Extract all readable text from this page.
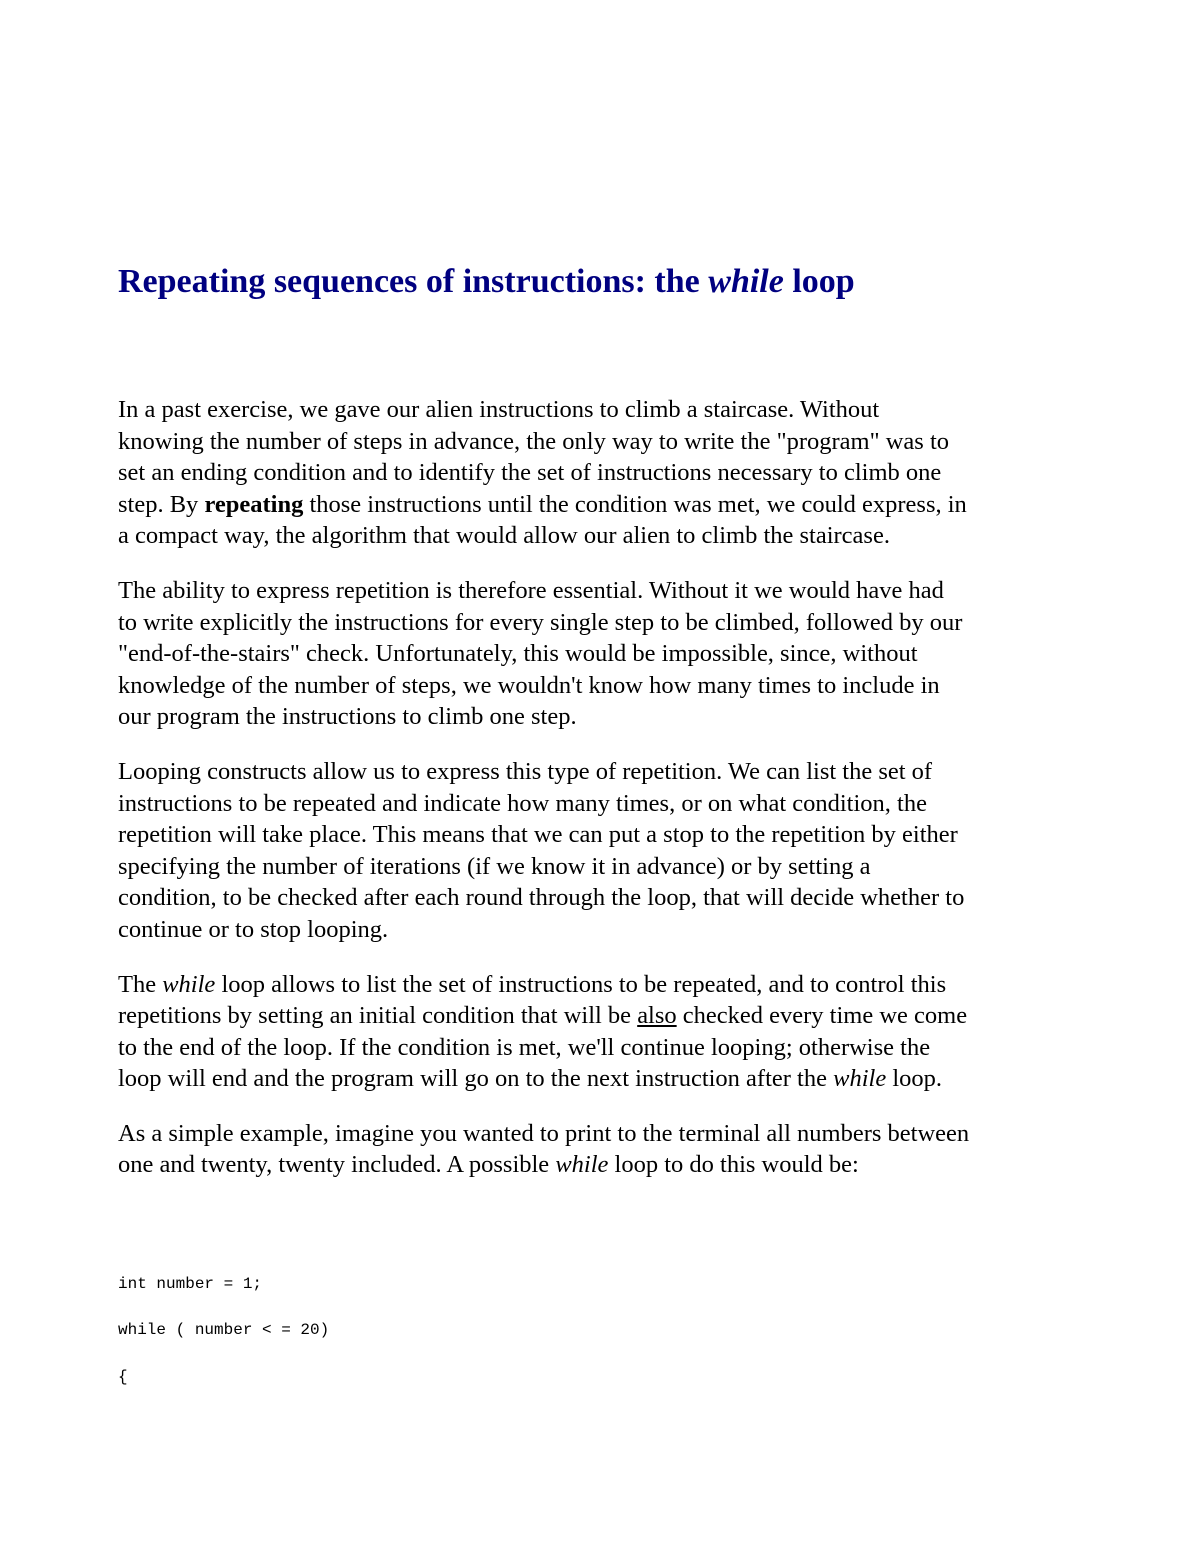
Repeating sequences of instructions: the while loop

In a past exercise, we gave our alien instructions to climb a staircase. Without
knowing the number of steps in advance, the only way to write the "program" was to
set an ending condition and to identify the set of instructions necessary to climb one
step. By repeating those instructions until the condition was met, we could express, in
a compact way, the algorithm that would allow our alien to climb the staircase.

The ability to express repetition is therefore essential. Without it we would have had
to write explicitly the instructions for every single step to be climbed, followed by our
"end-of-the-stairs" check. Unfortunately, this would be impossible, since, without
knowledge of the number of steps, we wouldn't know how many times to include in
our program the instructions to climb one step.

Looping constructs allow us to express this type of repetition. We can list the set of
instructions to be repeated and indicate how many times, or on what condition, the
repetition will take place. This means that we can put a stop to the repetition by either
specifying the number of iterations (if we know it in advance) or by setting a
condition, to be checked after each round through the loop, that will decide whether to
continue or to stop looping.

The while loop allows to list the set of instructions to be repeated, and to control this
repetitions by setting an initial condition that will be also checked every time we come
to the end of the loop. If the condition is met, we'll continue looping; otherwise the
loop will end and the program will go on to the next instruction after the while loop.

As a simple example, imagine you wanted to print to the terminal all numbers between
one and twenty, twenty included. A possible while loop to do this would be:

int number = 1;
while ( number < = 20)
{
